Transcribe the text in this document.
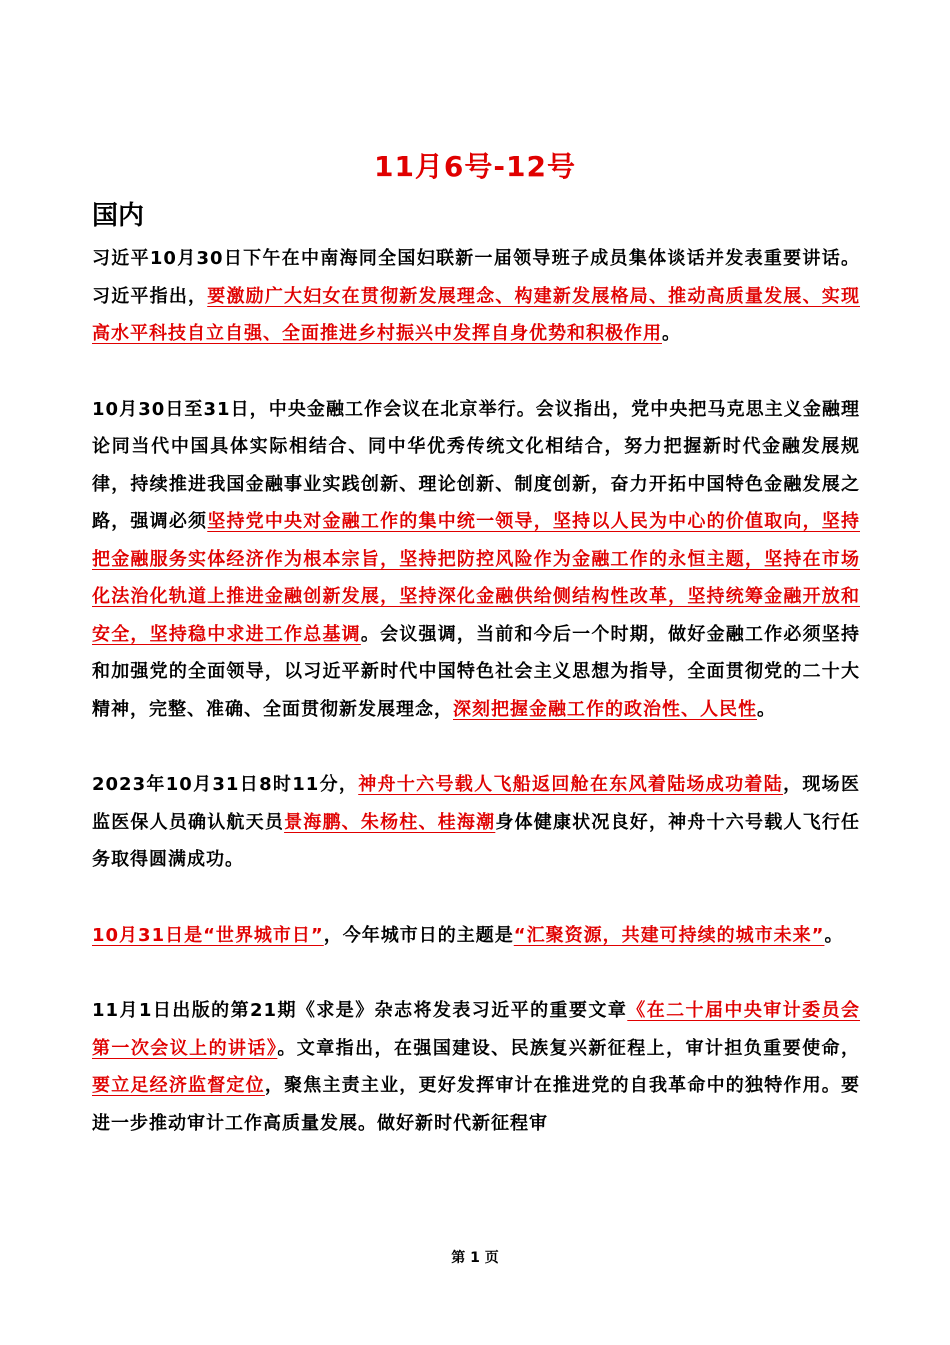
11月6号-12号
国内

习近平10月30日下午在中南海同全国妇联新一届领导班子成员集体谈话并发表重要讲话。习近平指出，要激励广大妇女在贯彻新发展理念、构建新发展格局、推动高质量发展、实现高水平科技自立自强、全面推进乡村振兴中发挥自身优势和积极作用。

10月30日至31日，中央金融工作会议在北京举行。会议指出，党中央把马克思主义金融理论同当代中国具体实际相结合、同中华优秀传统文化相结合，努力把握新时代金融发展规律，持续推进我国金融事业实践创新、理论创新、制度创新，奋力开拓中国特色金融发展之路，强调必须坚持党中央对金融工作的集中统一领导，坚持以人民为中心的价值取向，坚持把金融服务实体经济作为根本宗旨，坚持把防控风险作为金融工作的永恒主题，坚持在市场化法治化轨道上推进金融创新发展，坚持深化金融供给侧结构性改革，坚持统筹金融开放和安全，坚持稳中求进工作总基调。会议强调，当前和今后一个时期，做好金融工作必须坚持和加强党的全面领导，以习近平新时代中国特色社会主义思想为指导，全面贯彻党的二十大精神，完整、准确、全面贯彻新发展理念，深刻把握金融工作的政治性、人民性。

2023年10月31日8时11分，神舟十六号载人飞船返回舱在东风着陆场成功着陆，现场医监医保人员确认航天员景海鹏、朱杨柱、桂海潮身体健康状况良好，神舟十六号载人飞行任务取得圆满成功。

10月31日是“世界城市日”，今年城市日的主题是“汇聚资源，共建可持续的城市未来”。

11月1日出版的第21期《求是》杂志将发表习近平的重要文章《在二十届中央审计委员会第一次会议上的讲话》。文章指出，在强国建设、民族复兴新征程上，审计担负重要使命，要立足经济监督定位，聚焦主责主业，更好发挥审计在推进党的自我革命中的独特作用。要进一步推动审计工作高质量发展。做好新时代新征程审

第 1 页
